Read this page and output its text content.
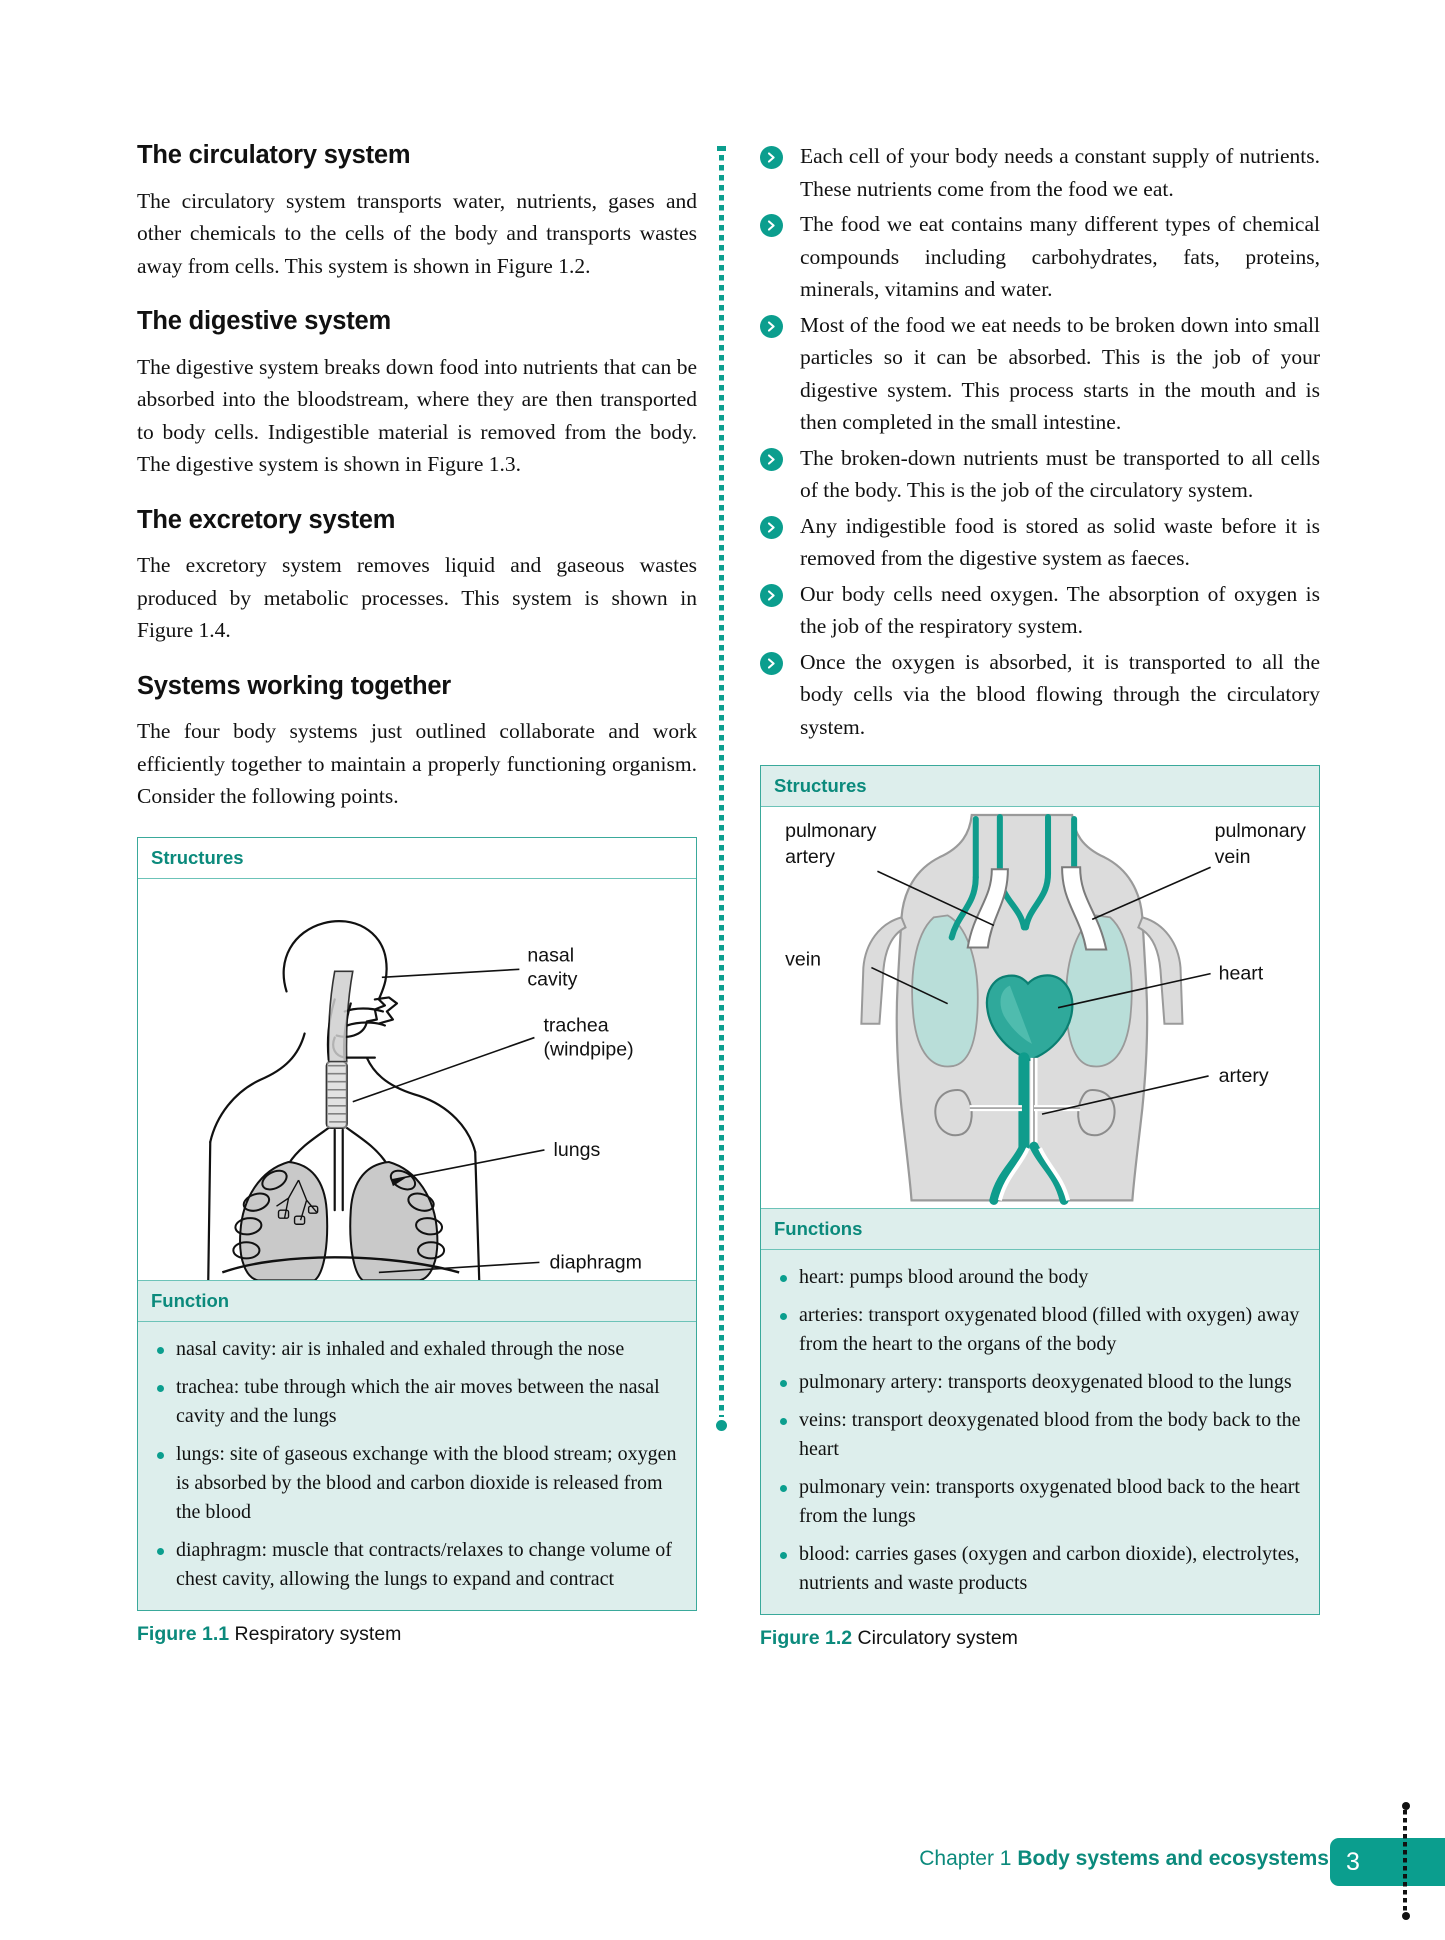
The circulatory system

The circulatory system transports water, nutrients, gases and other chemicals to the cells of the body and transports wastes away from cells. This system is shown in Figure 1.2.

The digestive system

The digestive system breaks down food into nutrients that can be absorbed into the bloodstream, where they are then transported to body cells. Indigestible material is removed from the body. The digestive system is shown in Figure 1.3.

The excretory system

The excretory system removes liquid and gaseous wastes produced by metabolic processes. This system is shown in Figure 1.4.

Systems working together

The four body systems just outlined collaborate and work efficiently together to maintain a properly functioning organism. Consider the following points.

Structures
nasal
cavity
trachea
(windpipe)
lungs
diaphragm
Function
nasal cavity: air is inhaled and exhaled through the nose
trachea: tube through which the air moves between the nasal cavity and the lungs
lungs: site of gaseous exchange with the blood stream; oxygen is absorbed by the blood and carbon dioxide is released from the blood
diaphragm: muscle that contracts/relaxes to change volume of chest cavity, allowing the lungs to expand and contract
Figure 1.1 Respiratory system
Each cell of your body needs a constant supply of nutrients. These nutrients come from the food we eat.
The food we eat contains many different types of chemical compounds including carbohydrates, fats, proteins, minerals, vitamins and water.
Most of the food we eat needs to be broken down into small particles so it can be absorbed. This is the job of your digestive system. This process starts in the mouth and is then completed in the small intestine.
The broken-down nutrients must be transported to all cells of the body. This is the job of the circulatory system.
Any indigestible food is stored as solid waste before it is removed from the digestive system as faeces.
Our body cells need oxygen. The absorption of oxygen is the job of the respiratory system.
Once the oxygen is absorbed, it is transported to all the body cells via the blood flowing through the circulatory system.
Structures
pulmonary
artery
vein
pulmonary
vein
heart
artery
Functions
heart: pumps blood around the body
arteries: transport oxygenated blood (filled with oxygen) away from the heart to the organs of the body
pulmonary artery: transports deoxygenated blood to the lungs
veins: transport deoxygenated blood from the body back to the heart
pulmonary vein: transports oxygenated blood back to the heart from the lungs
blood: carries gases (oxygen and carbon dioxide), electrolytes, nutrients and waste products
Figure 1.2 Circulatory system
Chapter 1 Body systems and ecosystems 3
